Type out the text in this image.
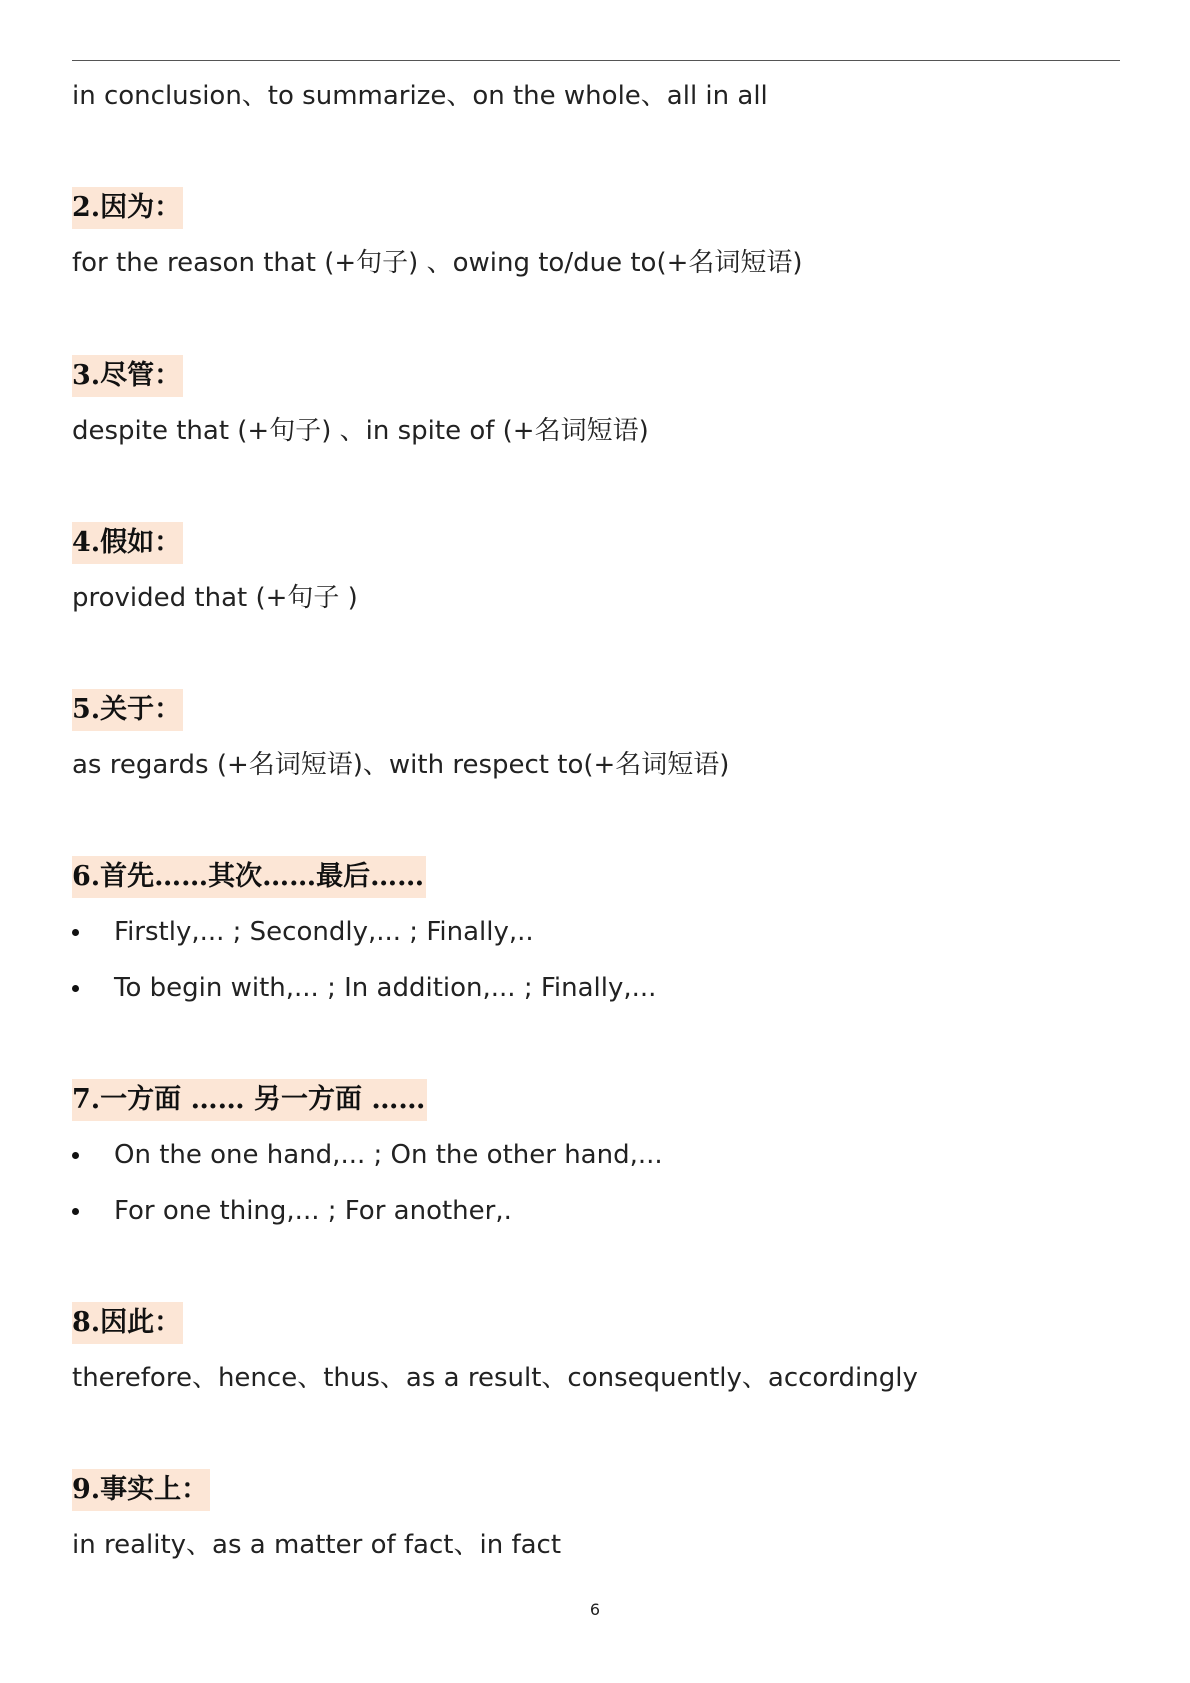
in conclusion、to summarize、on the whole、all in all
2.因为：
for the reason that (+句子) 、owing to/due to(+名词短语)
3.尽管：
despite that (+句子) 、in spite of (+名词短语)
4.假如：
provided that (+句子 )
5.关于：
as regards (+名词短语)、with respect to(+名词短语)
6.首先……其次……最后……
Firstly,... ; Secondly,... ; Finally,..
To begin with,... ; In addition,... ; Finally,...
7.一方面 …… 另一方面 ……
On the one hand,... ; On the other hand,...
For one thing,... ; For another,.
8.因此：
therefore、hence、thus、as a result、consequently、accordingly
9.事实上：
in reality、as a matter of fact、in fact
6
